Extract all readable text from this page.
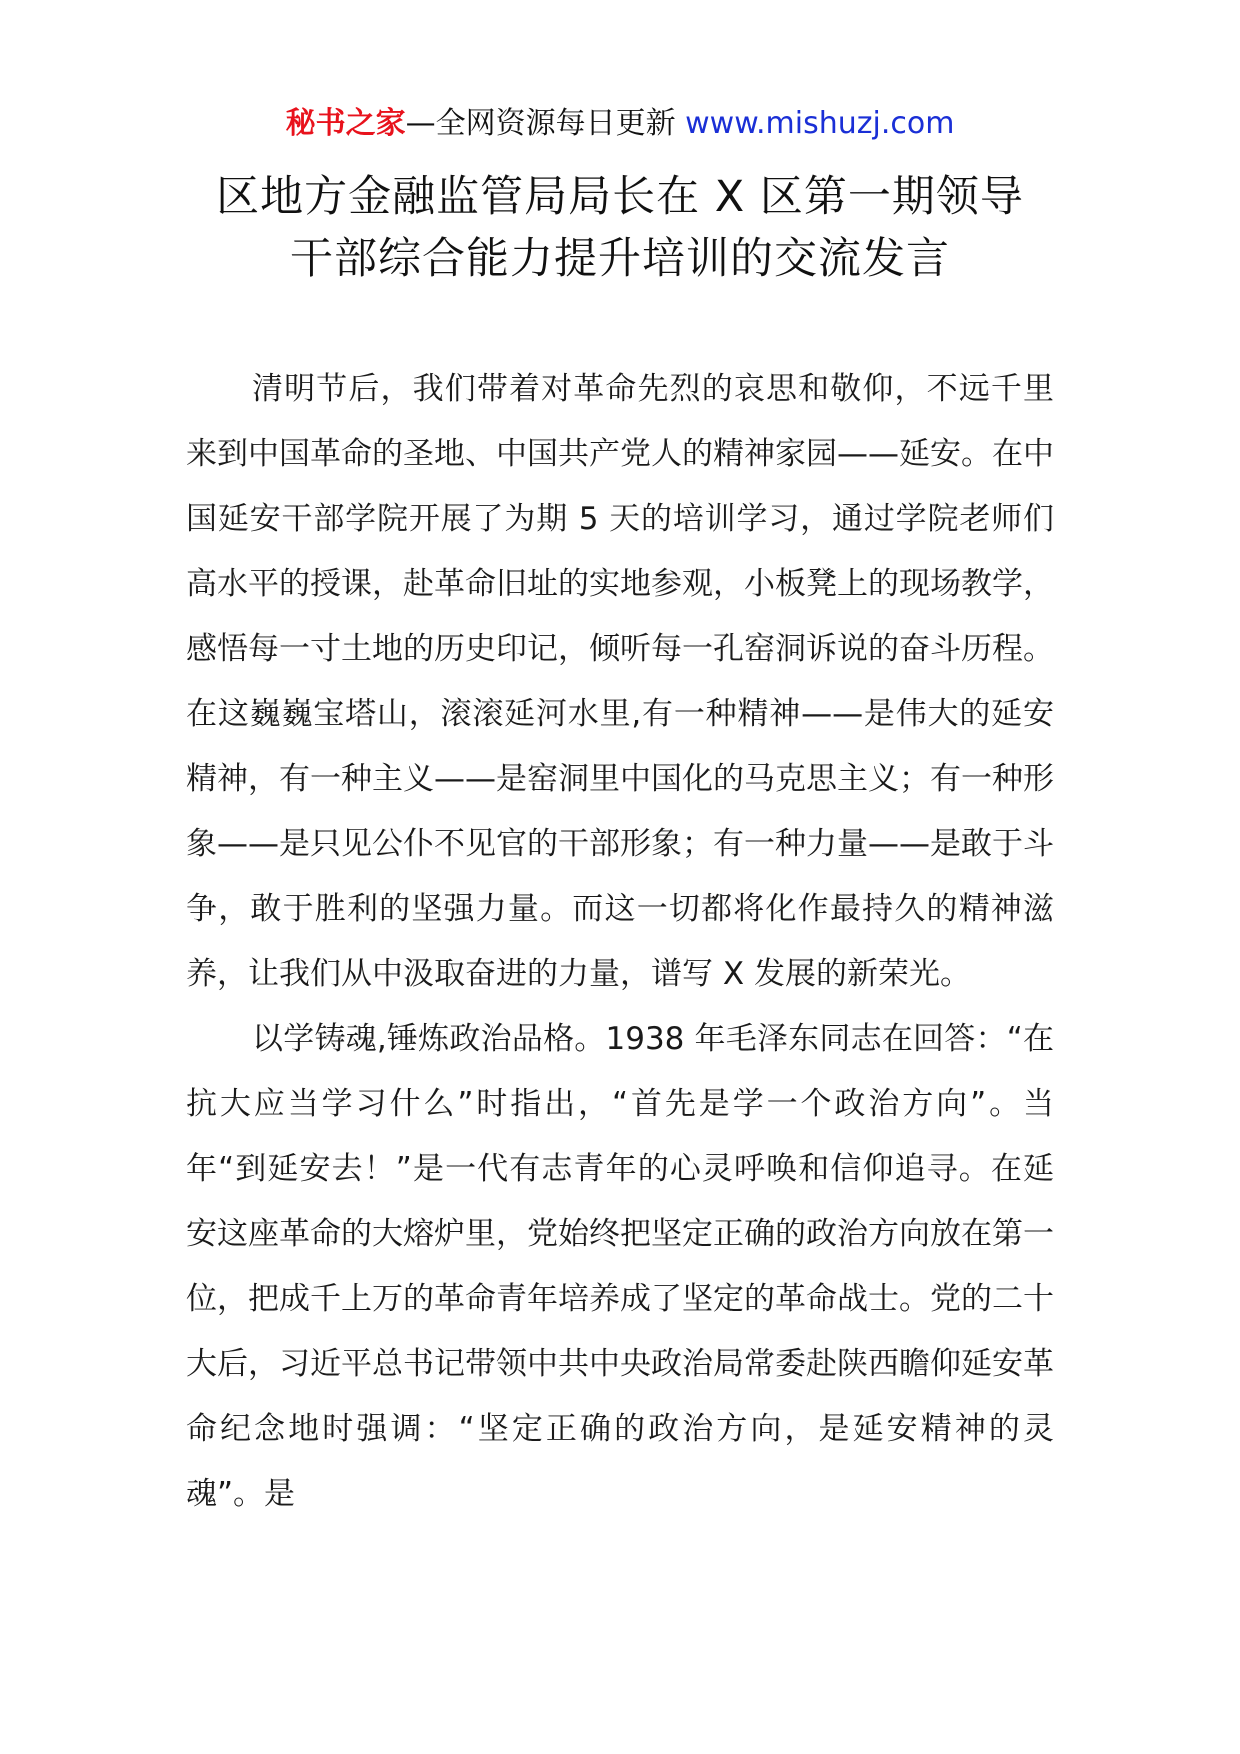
秘书之家—全网资源每日更新 www.mishuzj.com
区地方金融监管局局长在 X 区第一期领导
干部综合能力提升培训的交流发言

清明节后，我们带着对革命先烈的哀思和敬仰，不远千里来到中国革命的圣地、中国共产党人的精神家园——延安。在中国延安干部学院开展了为期 5 天的培训学习，通过学院老师们高水平的授课，赴革命旧址的实地参观，小板凳上的现场教学，感悟每一寸土地的历史印记，倾听每一孔窑洞诉说的奋斗历程。在这巍巍宝塔山，滚滚延河水里,有一种精神——是伟大的延安精神，有一种主义——是窑洞里中国化的马克思主义；有一种形象——是只见公仆不见官的干部形象；有一种力量——是敢于斗争，敢于胜利的坚强力量。而这一切都将化作最持久的精神滋养，让我们从中汲取奋进的力量，谱写 X 发展的新荣光。

以学铸魂,锤炼政治品格。1938 年毛泽东同志在回答：“在抗大应当学习什么”时指出，“首先是学一个政治方向”。当年“到延安去！”是一代有志青年的心灵呼唤和信仰追寻。在延安这座革命的大熔炉里，党始终把坚定正确的政治方向放在第一位，把成千上万的革命青年培养成了坚定的革命战士。党的二十大后，习近平总书记带领中共中央政治局常委赴陕西瞻仰延安革命纪念地时强调：“坚定正确的政治方向，是延安精神的灵魂”。是
